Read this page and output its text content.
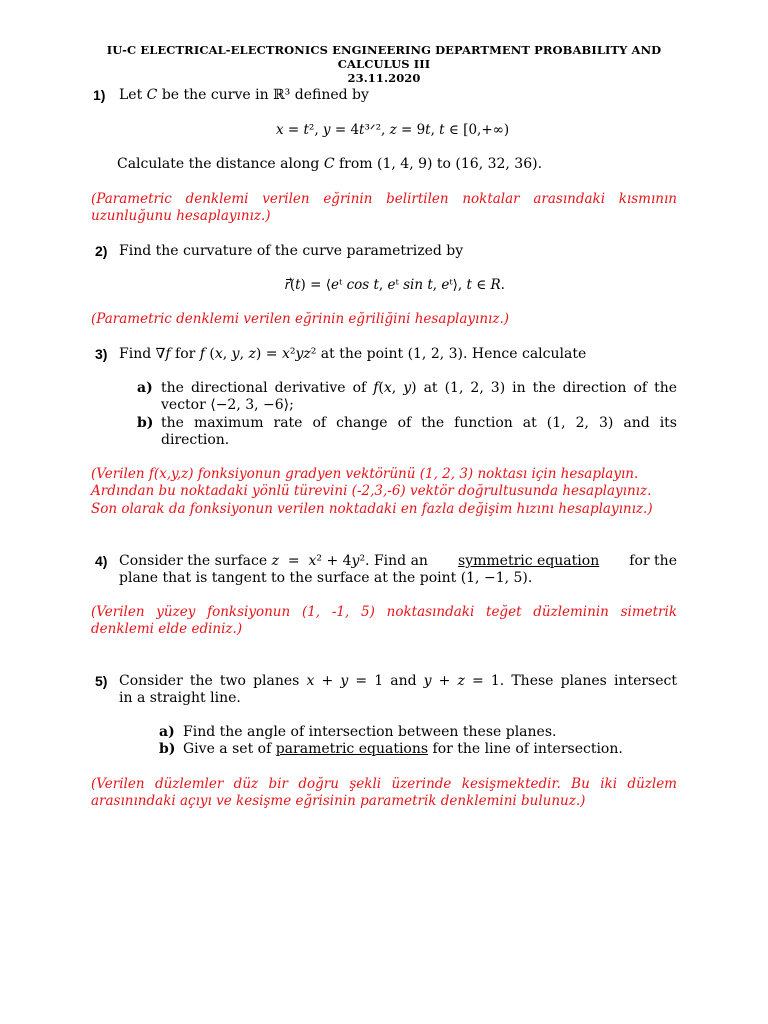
IU-C ELECTRICAL-ELECTRONICS ENGINEERING DEPARTMENT PROBABILITY AND
CALCULUS III
23.11.2020
1) Let 𝐶 be the curve in ℝ³ defined by
𝑥 = 𝑡², 𝑦 = 4𝑡³ᐟ², 𝑧 = 9𝑡, 𝑡 ∈ [0,+∞)
Calculate the distance along 𝐶 from (1, 4, 9) to (16, 32, 36).
(Parametric denklemi verilen eğrinin belirtilen noktalar arasındaki kısmının
uzunluğunu hesaplayınız.)
2) Find the curvature of the curve parametrized by
𝑟⃗(𝑡) = ⟨𝑒ᵗ 𝑐𝑜𝑠 𝑡, 𝑒ᵗ 𝑠𝑖𝑛 𝑡, 𝑒ᵗ⟩, 𝑡 ∈ 𝑅.
(Parametric denklemi verilen eğrinin eğriliğini hesaplayınız.)
3) Find ∇𝑓 for 𝑓 (𝑥, 𝑦, 𝑧) = 𝑥²𝑦𝑧² at the point (1, 2, 3). Hence calculate
a) the directional derivative of 𝑓(𝑥, 𝑦) at (1, 2, 3) in the direction of the
vector ⟨−2, 3, −6⟩;
b) the maximum rate of change of the function at (1, 2, 3) and its
direction.
(Verilen f(x,y,z) fonksiyonun gradyen vektörünü (1, 2, 3) noktası için hesaplayın.
Ardından bu noktadaki yönlü türevini (-2,3,-6) vektör doğrultusunda hesaplayınız.
Son olarak da fonksiyonun verilen noktadaki en fazla değişim hızını hesaplayınız.)
4) Consider the surface 𝑧  =  𝑥² + 4𝑦². Find an symmetric equation for the
plane that is tangent to the surface at the point (1, −1, 5).
(Verilen yüzey fonksiyonun (1, -1, 5) noktasındaki teğet düzleminin simetrik
denklemi elde ediniz.)
5) Consider the two planes 𝑥 + 𝑦 = 1 and 𝑦 + 𝑧 = 1. These planes intersect
in a straight line.
a) Find the angle of intersection between these planes.
b) Give a set of parametric equations for the line of intersection.
(Verilen düzlemler düz bir doğru şekli üzerinde kesişmektedir. Bu iki düzlem
arasınındaki açıyı ve kesişme eğrisinin parametrik denklemini bulunuz.)
